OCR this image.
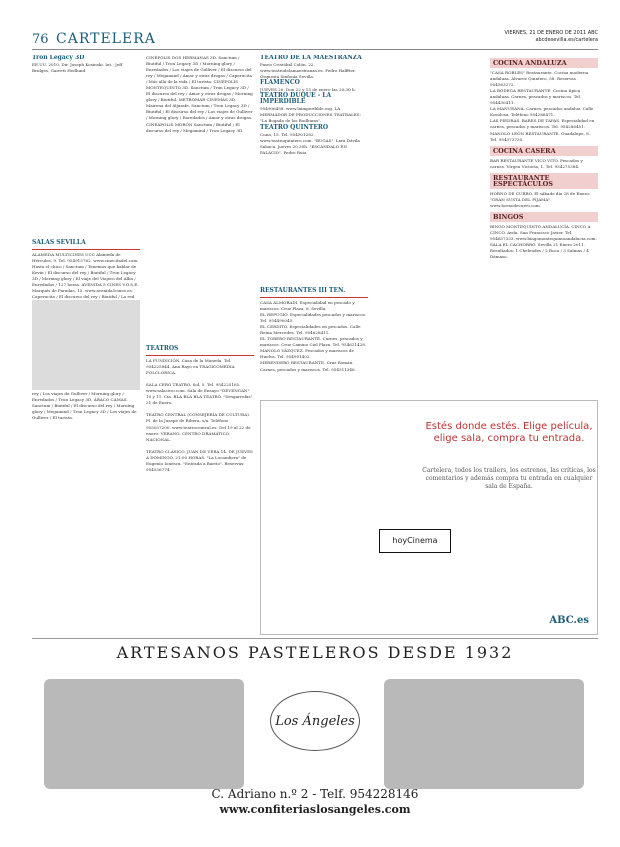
76 CARTELERA	VIERNES, 21 DE ENERO DE 2011 ABC
abcdesevilla.es/cartelera
Tron Legacy 3D
EE.UU. 2010. Dir. Joseph Kosinski. Int.: Jeff Bridges, Garrett Hedlund.
SALAS SEVILLA
ALAMEDA MULTICINES UCC Alameda de Hércules, 9. Tel. 954915762. www.cinecitadel.com. Hasta el chico / Sanctum / Tenemos que hablar de Kevin / El discurso del rey / Biutiful / Tron Legacy 3D / Morning glory / El viaje del Viajero del Alba / Enredados / 127 horas. AVENIDA 5 CINES V.O.S.E. Marqués de Paradas, 15. www.avenida5cines.es. Caperucita / El discurso del rey / Biutiful / La red rey / Los viajes de Gulliver / Morning glory / Enredados / Tron Legacy 3D. ÁBACO CAMAS. Sanctum / Biutiful / El discurso del rey / Morning glory / Megamind / Tron Legacy 3D / Los viajes de Gulliver / El turista.
CINÉPOLIS DOS HERMANAS 3D. Sanctum / Biutiful / Tron Legacy 3D / Morning glory / Enredados / Los viajes de Gulliver / El discurso del rey / Megamind / Amor y otras drogas / Caperucita / Más allá de la vida / El turista. CINÉPOLIS MONTEQUINTO 3D. Sanctum / Tron Legacy 3D / El discurso del rey / Amor y otras drogas / Morning glory / Biutiful. METROMAR CINEMAS 3D. Mairena del Aljarafe. Sanctum / Tron Legacy 3D / Biutiful / El discurso del rey / Los viajes de Gulliver / Morning glory / Enredados / Amor y otras drogas. CINEAPOLIS MORÓN Sanctum / Biutiful / El discurso del rey / Megamind / Tron Legacy 3D.
TEATROS

LA FUNDICIÓN. Casa de la Moneda. Tel. 954225844. Ana Rayo en TRAGICOMEDIA FOLCLÓRICA.

SALA CERO TEATRO. Sol, 5. Tel. 954225165. www.salacero.com. Sala de Ensayo "DEVENGAN" 10 y 11. Cía. BLA BLA BLA TEATRO. "Desgarrofas". 21 de Enero.

TEATRO CENTRAL (CONSEJERÍA DE CULTURA). Pl. de la Jusepe de Ribera, s/n. Teléfono 955037200. www.teatrocentral.es. Del 19 al 22 de enero: VERANO. CENTRO DRAMÁTICO NACIONAL.

TEATRO CLÁSICO. JUAN DE VERA 14. DE JUEVES A DOMINGO, 21:00 HORAS. "La Locandiera" de Eugenio Ionescu. "Entrada a Barrio". Reservas: 954536774.

TEATRO DE LA MAESTRANZA

Paseo Cristóbal Colón, 22. www.teatrodelamaestranza.es. Pedro Halffter. Orquesta Sinfonía Sevilla.

FLAMENCO

JUEVES 20. Don 22 y 15 de enero las 20:30 h.

TEATRO DUQUE - LA IMPERDIBLE

954906458. www.laimperdible.org. LA MERMADOR DE PRODUCCIONES TEATRALES: "La Bogada de los Bodhums".

TEATRO QUINTERO

Cuna, 15. Tel. 954501282. www.teatroquintero.com. "BUGAS". Lara Dávila Sabaca. Jueves 20.30h. "ESCÁNDALO EN PALACIO". Pedro Ruiz.

RESTAURANTES III TEN.

CASA ALMORADI. Especialidad en pescado y mariscos. Cruz Plaza, 8. Sevilla.

EL REFUGIO. Especialidades pescados y mariscos. Tel. 954490045.

EL CERDITO. Especialidades en pescados. Calle Reina Mercedes. Tel. 954628411.

EL TORERO RESTAURANTE. Carnes, pescados y mariscos. Cruz Camino Ciel Plaza. Tel. 954621428.

MANOLO VÁZQUEZ. Pescados y mariscos de Huelva. Tel. 954901402.

MERENDERO RESTAURANTE. Cruz Román. Carnes, pescados y mariscos. Tel. 954511346.

COCINA ANDALUZA

"CASA ROBLES" Restaurante. Cocina moderna andaluza. Álvarez Quintero, 58. Reservas 954563272.

LA BODEGA RESTAURANTE. Cocina típica andaluza. Carnes, pescados y mariscos. Tel. 954430411.

LA MANUEANA. Carnes, pescados andaluz. Calle Kosolosa. Teléfono 954286471.

LAS PIEDRAS. BARES DE TAPAS. Especialidad en carnes, pescados y mariscos. Tel. 954286451.

MANOLO LEÓN RESTAURANTE. Guadalupe, 8. Tel. 954373735.

COCINA CASERA

BAR RESTAURANTE VICO VITO. Pescados y carnes. Vírgen Victoria, 1. Tel. 954275384.

RESTAURANTE ESPECTÁCULOS

HORNO DE CURRO. El sábado día 28 de Enero: "GRAN SUSTA DEL PIJAMA". www.hornodecurro.com.

BINGOS

BINGO MONTEQUINTO ANDALUCÍA. CINCO A CINCO. Avda. San Francisco Javier. Tel. 954657333. www.bingomontequintoandalucia.com.

SALA EL CACHORRO. Sevilla 21 Enero 2011. Resultados: 1 Chelendes / 2 Roca / 3 Salinas / 4 Dámaso.

Estés donde estés. Elige película, elige sala, compra tu entrada.
Cartelera, todos los trailers, los estrenos, las críticas, los comentarios y además compra tu entrada en cualquier sala de España.
hoyCinema
ABC.es
ARTESANOS PASTELEROS DESDE 1932
Los Ángeles
C. Adriano n.º 2 - Telf. 954228146
www.confiteriaslosangeles.com
